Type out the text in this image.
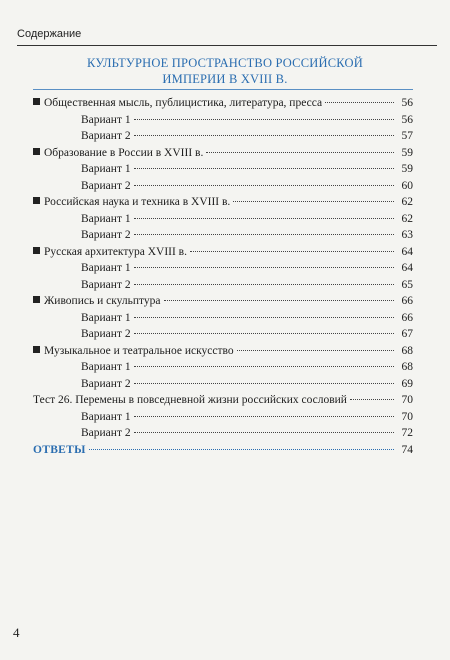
Содержание
КУЛЬТУРНОЕ ПРОСТРАНСТВО РОССИЙСКОЙ
ИМПЕРИИ В XVIII В.
Общественная мысль, публицистика, литература, пресса	56
Вариант 1	56
Вариант 2	57
Образование в России в XVIII в.	59
Вариант 1	59
Вариант 2	60
Российская наука и техника в XVIII в.	62
Вариант 1	62
Вариант 2	63
Русская архитектура XVIII в.	64
Вариант 1	64
Вариант 2	65
Живопись и скульптура	66
Вариант 1	66
Вариант 2	67
Музыкальное и театральное искусство	68
Вариант 1	68
Вариант 2	69
Тест 26. Перемены в повседневной жизни российских сословий	70
Вариант 1	70
Вариант 2	72
ОТВЕТЫ	74
4
